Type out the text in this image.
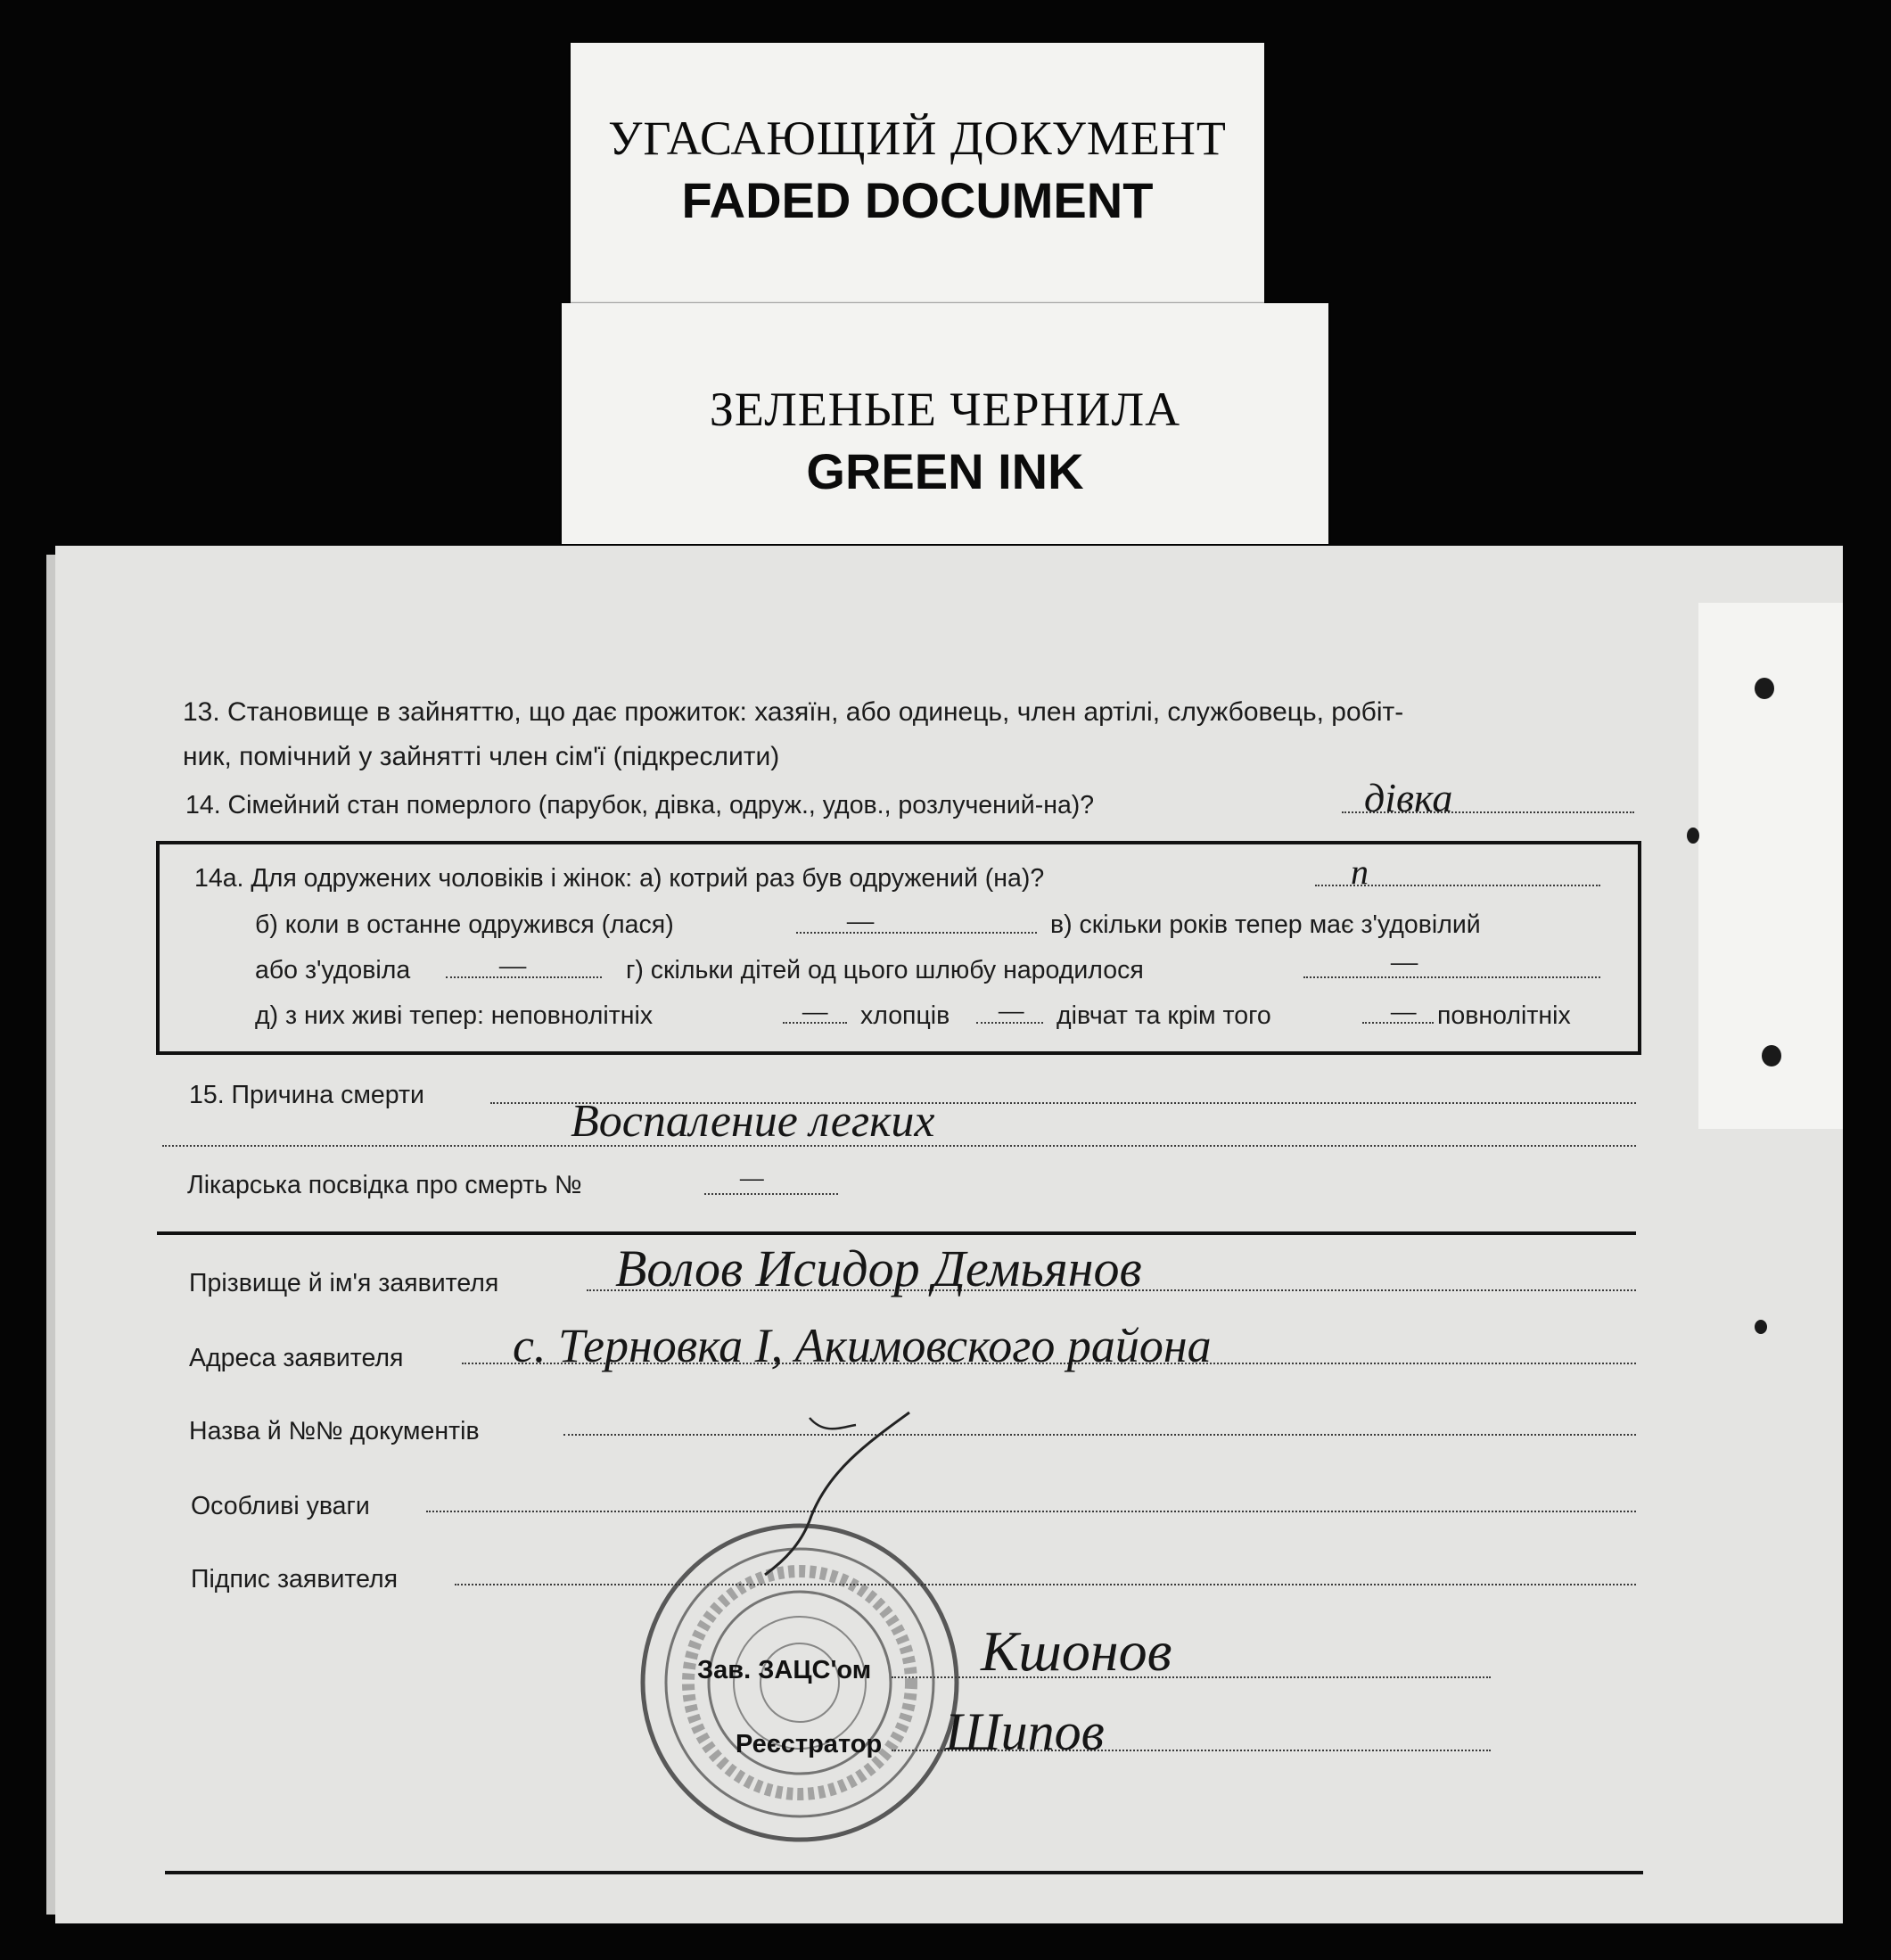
УГАСАЮЩИЙ ДОКУМЕНТ
FADED DOCUMENT
ЗЕЛЕНЫЕ ЧЕРНИЛА
GREEN INK
13. Становище в зайняттю, що дає прожиток: хазяїн, або одинець, член артілі, службовець, робіт-
ник, помічний у зайнятті член сім'ї (підкреслити)
14. Сімейний стан померлого (парубок, дівка, одруж., удов., розлучений-на)?	дівка
14а. Для одружених чоловіків і жінок: а) котрий раз був одружений (на)?	п
б) коли в останне одружився (лася)	—	в) скільки років тепер має з'удовілий
або з'удовіла	—	г) скільки дітей од цього шлюбу народилося	—
д) з них живі тепер: неповнолітніх	— хлопців — дівчат та крім того	— повнолітніх
15. Причина смерти
Воспаление легких
Лікарська посвідка про смерть №	—
Прізвище й ім'я заявителя Волов Исидор Демьянов
Адреса заявителя с. Терновка І, Акимовского района
Назва й №№ документів
Особливі уваги
Підпис заявителя
Зав. ЗАЦС'ом Кшонов
Реєстратор Шипов
